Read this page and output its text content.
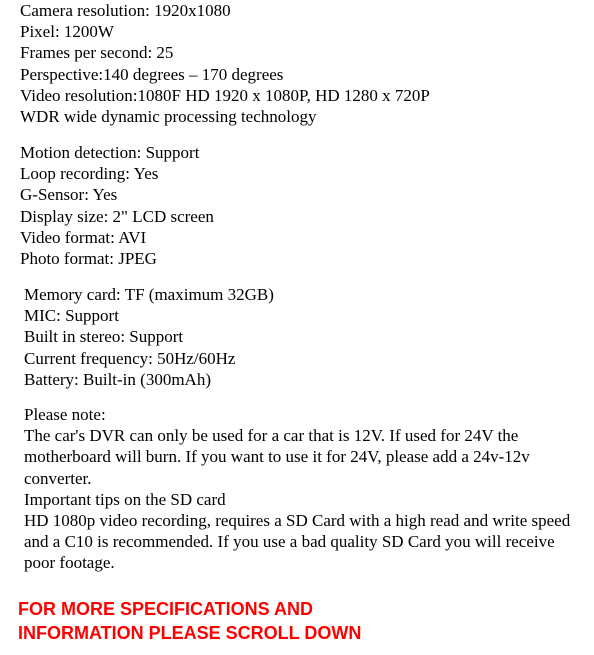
Camera resolution: 1920x1080
Pixel: 1200W
Frames per second: 25
Perspective:140 degrees – 170 degrees
Video resolution:1080F HD 1920 x 1080P, HD 1280 x 720P
WDR wide dynamic processing technology
Motion detection: Support
Loop recording: Yes
G-Sensor: Yes
Display size: 2" LCD screen
Video format: AVI
Photo format: JPEG
Memory card: TF (maximum 32GB)
MIC: Support
Built in stereo: Support
Current frequency: 50Hz/60Hz
Battery: Built-in (300mAh)
Please note:
The car's DVR can only be used for a car that is 12V. If used for 24V the motherboard will burn. If you want to use it for 24V, please add a 24v-12v converter.
Important tips on the SD card
HD 1080p video recording, requires a SD Card with a high read and write speed and a C10 is recommended. If you use a bad quality SD Card you will receive poor footage.
FOR MORE SPECIFICATIONS AND
INFORMATION PLEASE SCROLL DOWN
